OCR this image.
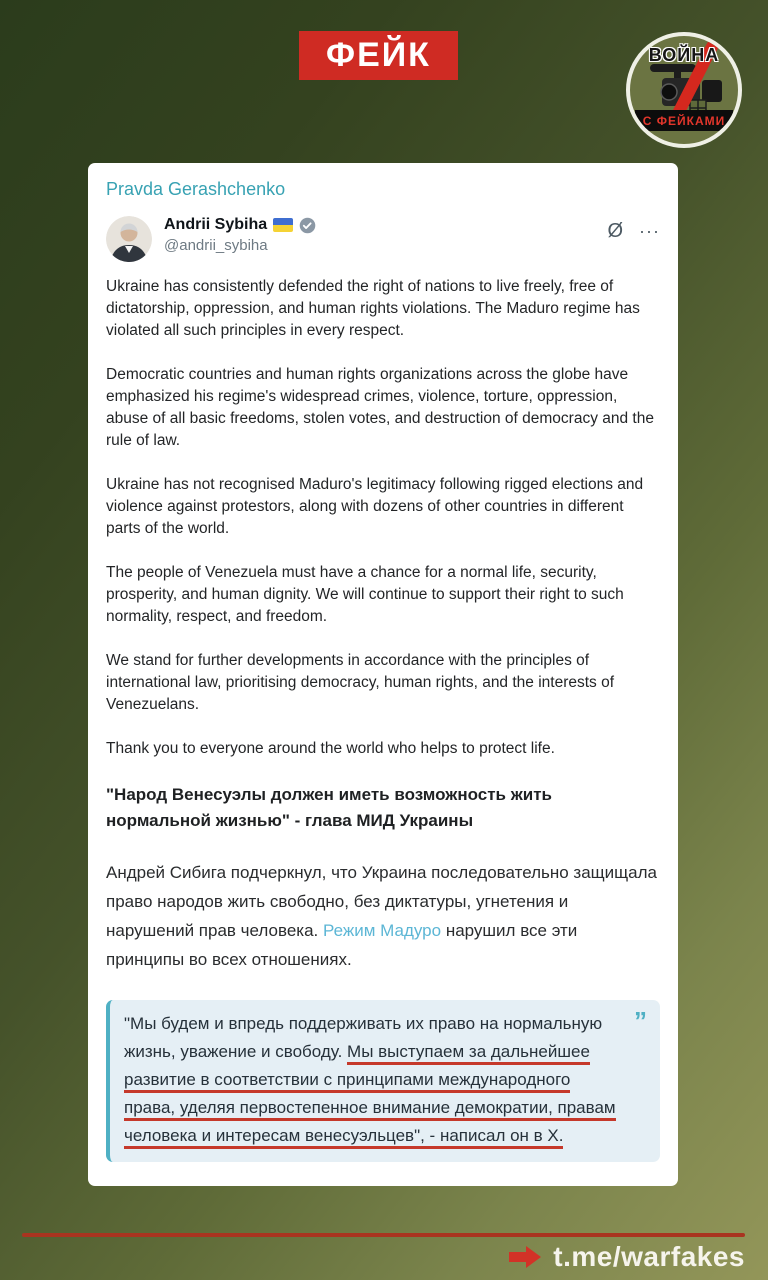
ФЕЙК	ВОЙНА
С ФЕЙКАМИ
Pravda Gerashchenko
Andrii Sybiha
@andrii_sybiha
Ø ···

Ukraine has consistently defended the right of nations to live freely, free of dictatorship, oppression, and human rights violations. The Maduro regime has violated all such principles in every respect.

Democratic countries and human rights organizations across the globe have emphasized his regime's widespread crimes, violence, torture, oppression, abuse of all basic freedoms, stolen votes, and destruction of democracy and the rule of law.

Ukraine has not recognised Maduro's legitimacy following rigged elections and violence against protestors, along with dozens of other countries in different parts of the world.

The people of Venezuela must have a chance for a normal life, security, prosperity, and human dignity. We will continue to support their right to such normality, respect, and freedom.

We stand for further developments in accordance with the principles of international law, prioritising democracy, human rights, and the interests of Venezuelans.

Thank you to everyone around the world who helps to protect life.

"Народ Венесуэлы должен иметь возможность жить нормальной жизнью" - глава МИД Украины

Андрей Сибига подчеркнул, что Украина последовательно защищала право народов жить свободно, без диктатуры, угнетения и нарушений прав человека. Режим Мадуро нарушил все эти принципы во всех отношениях.

”
"Мы будем и впредь поддерживать их право на нормальную жизнь, уважение и свободу. Мы выступаем за дальнейшее развитие в соответствии с принципами международного права, уделяя первостепенное внимание демократии, правам человека и интересам венесуэльцев", - написал он в X.
t.me/warfakes
